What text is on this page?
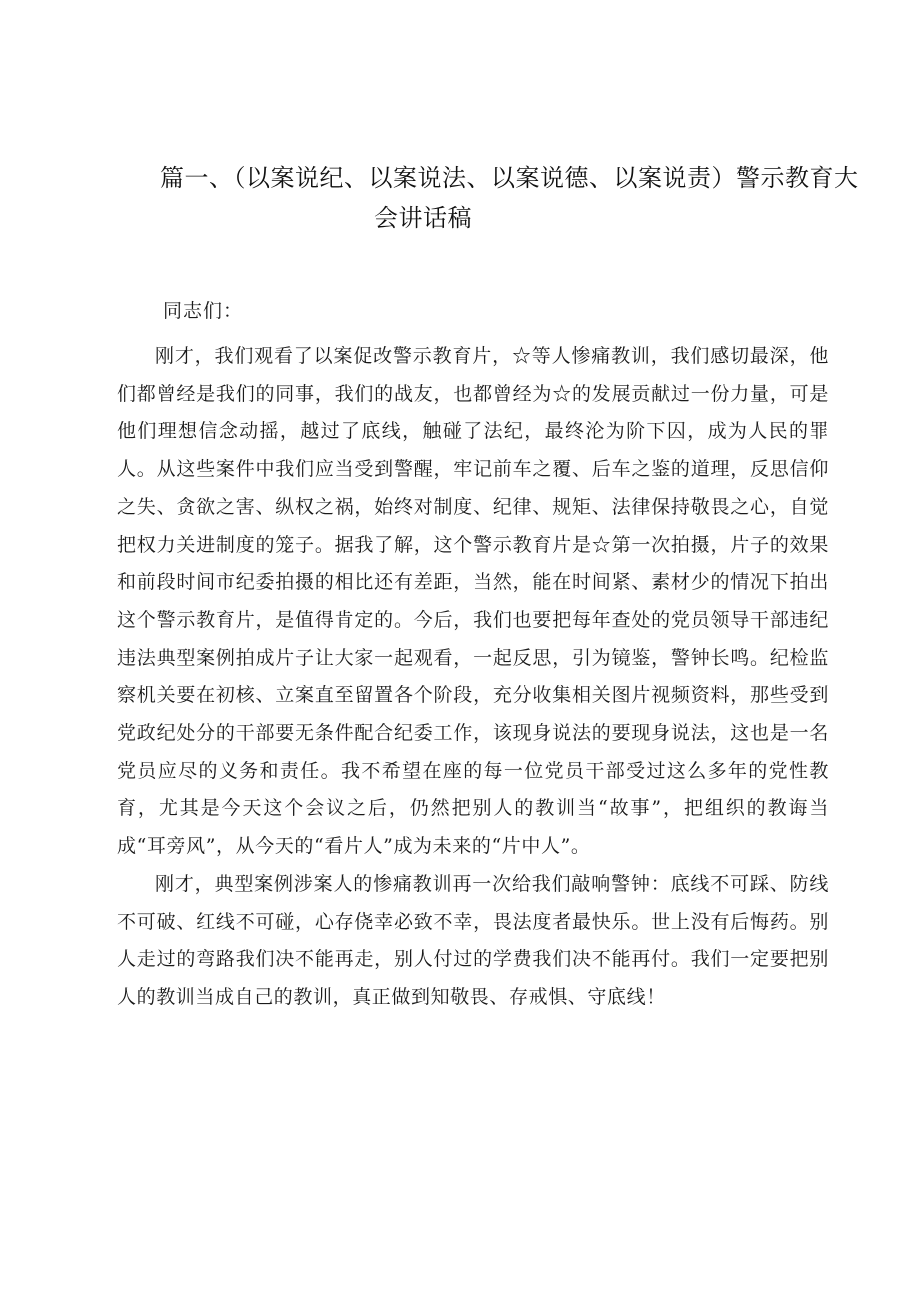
篇一、（以案说纪、以案说法、以案说德、以案说责）警示教育大
会讲话稿
同志们：

刚才，我们观看了以案促改警示教育片，☆等人惨痛教训，我们感切最深，他们都曾经是我们的同事，我们的战友，也都曾经为☆的发展贡献过一份力量，可是他们理想信念动摇，越过了底线，触碰了法纪，最终沦为阶下囚，成为人民的罪人。从这些案件中我们应当受到警醒，牢记前车之覆、后车之鉴的道理，反思信仰之失、贪欲之害、纵权之祸，始终对制度、纪律、规矩、法律保持敬畏之心，自觉把权力关进制度的笼子。据我了解，这个警示教育片是☆第一次拍摄，片子的效果和前段时间市纪委拍摄的相比还有差距，当然，能在时间紧、素材少的情况下拍出这个警示教育片，是值得肯定的。今后，我们也要把每年查处的党员领导干部违纪违法典型案例拍成片子让大家一起观看，一起反思，引为镜鉴，警钟长鸣。纪检监察机关要在初核、立案直至留置各个阶段，充分收集相关图片视频资料，那些受到党政纪处分的干部要无条件配合纪委工作，该现身说法的要现身说法，这也是一名党员应尽的义务和责任。我不希望在座的每一位党员干部受过这么多年的党性教育，尤其是今天这个会议之后，仍然把别人的教训当“故事”，把组织的教诲当成“耳旁风”，从今天的“看片人”成为未来的“片中人”。

刚才，典型案例涉案人的惨痛教训再一次给我们敲响警钟：底线不可踩、防线不可破、红线不可碰，心存侥幸必致不幸，畏法度者最快乐。世上没有后悔药。别人走过的弯路我们决不能再走，别人付过的学费我们决不能再付。我们一定要把别人的教训当成自己的教训，真正做到知敬畏、存戒惧、守底线！
